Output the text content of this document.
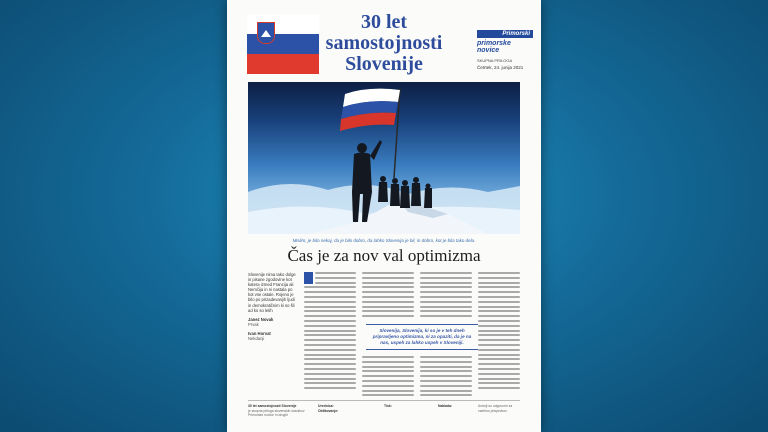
30 let
samostojnosti
Slovenije
Primorski
primorske novice
SKUPNA PRILOGA
Četrtek, 24. junija 2021
Mislim, je bilo nekaj, da je bilo dobro, da lahko Slovenija je bil, in dobro, kot je bila tako dela.
Čas je za nov val optimizma
Slovenije nima tako dolge in pisane zgodovine kot katera izmed Francija ali Nemčija in ni nastala po kot vse ostale. Rojeno je bilo po prizadevanjih ljudi in demokratičnim ki so šli ad ko so letih
Janez Novak
Prvak
Ivan Horvat
Nekdanji
Slovenija, Slovenija, ki so je v teh dneh pripravljeno optimizma, ni za opaziti, da je na nas, uspeh za lahko uspeh v Sloveniji.
30 let samostojnosti Slovenije
je skupna priloga slovenskih časnikov Primorske novice in drugih
Urednica:
Oblikovanje:
Tisk:	Naklada:	Avtorji so odgovorni za vsebino prispevkov.
